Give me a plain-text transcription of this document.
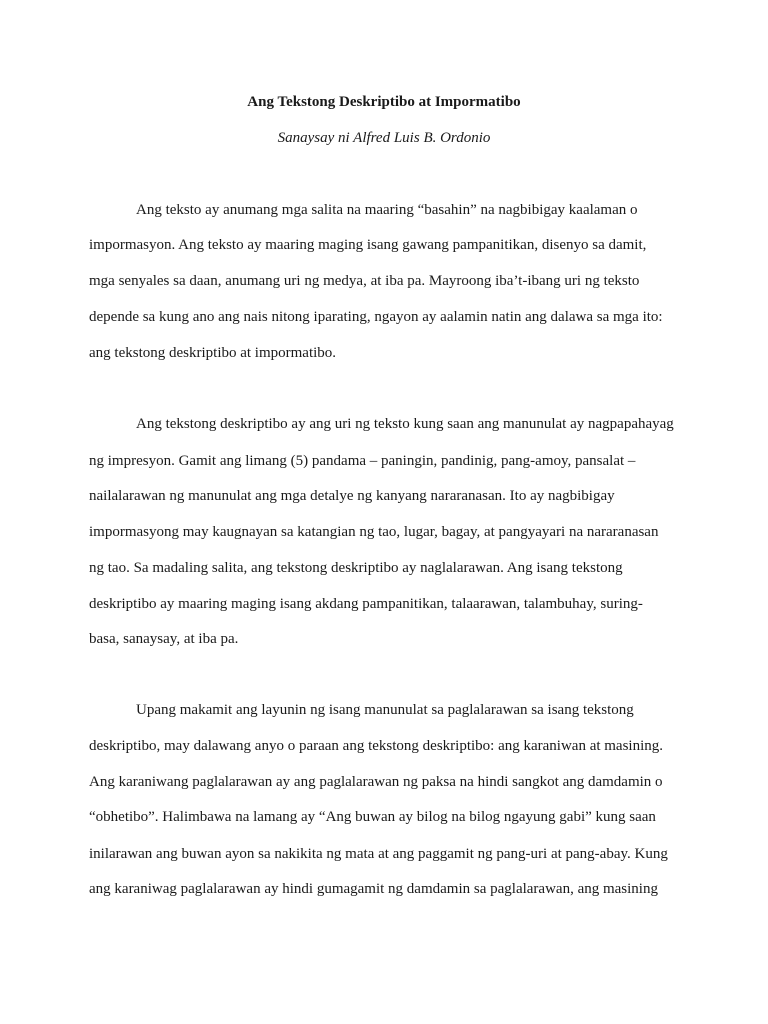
Ang Tekstong Deskriptibo at Impormatibo
Sanaysay ni Alfred Luis B. Ordonio
Ang teksto ay anumang mga salita na maaring “basahin” na nagbibigay kaalaman o
impormasyon. Ang teksto ay maaring maging isang gawang pampanitikan, disenyo sa damit,
mga senyales sa daan, anumang uri ng medya, at iba pa. Mayroong iba’t-ibang uri ng teksto
depende sa kung ano ang nais nitong iparating, ngayon ay aalamin natin ang dalawa sa mga ito:
ang tekstong deskriptibo at impormatibo.
Ang tekstong deskriptibo ay ang uri ng teksto kung saan ang manunulat ay nagpapahayag
ng impresyon. Gamit ang limang (5) pandama – paningin, pandinig, pang-amoy, pansalat –
nailalarawan ng manunulat ang mga detalye ng kanyang nararanasan. Ito ay nagbibigay
impormasyong may kaugnayan sa katangian ng tao, lugar, bagay, at pangyayari na nararanasan
ng tao. Sa madaling salita, ang tekstong deskriptibo ay naglalarawan. Ang isang tekstong
deskriptibo ay maaring maging isang akdang pampanitikan, talaarawan, talambuhay, suring-
basa, sanaysay, at iba pa.
Upang makamit ang layunin ng isang manunulat sa paglalarawan sa isang tekstong
deskriptibo, may dalawang anyo o paraan ang tekstong deskriptibo: ang karaniwan at masining.
Ang karaniwang paglalarawan ay ang paglalarawan ng paksa na hindi sangkot ang damdamin o
“obhetibo”. Halimbawa na lamang ay “Ang buwan ay bilog na bilog ngayung gabi” kung saan
inilarawan ang buwan ayon sa nakikita ng mata at ang paggamit ng pang-uri at pang-abay. Kung
ang karaniwag paglalarawan ay hindi gumagamit ng damdamin sa paglalarawan, ang masining
